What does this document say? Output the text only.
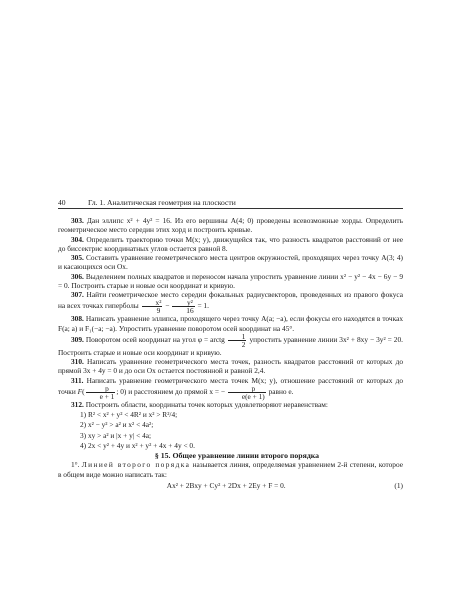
40	Гл. 1. Аналитическая геометрия на плоскости

303. Дан эллипс x² + 4y² = 16. Из его вершины A(4; 0) проведены всевозможные хорды. Определить геометрическое место середин этих хорд и построить кривые.

304. Определить траекторию точки M(x; y), движущейся так, что разность квадратов расстояний от нее до биссектрис координатных углов остается равной 8.

305. Составить уравнение геометрического места центров окружностей, проходящих через точку A(3; 4) и касающихся оси Ox.

306. Выделением полных квадратов и переносом начала упростить уравнение линии x² − y² − 4x − 6y − 9 = 0. Построить старые и новые оси координат и кривую.

307. Найти геометрическое место середин фокальных радиусвекторов, проведенных из правого фокуса на всех точках гиперболы $\frac{\text{x²}}{9} - \frac{\text{y²}}{16} = 1$.

308. Написать уравнение эллипса, проходящего через точку A(a; −a), если фокусы его находятся в точках F(a; a) и F₁(−a; −a). Упростить уравнение поворотом осей координат на 45°.

309. Поворотом осей координат на угол φ = arctg $\frac{1}{2}$ упростить уравнение линии 3x² + 8xy − 3y² = 20. Построить старые и новые оси координат и кривую.

310. Написать уравнение геометрического места точек, разность квадратов расстояний от которых до прямой 3x + 4y = 0 и до оси Ox остается постоянной и равной 2,4.

311. Написать уравнение геометрического места точек M(x; y), отношение расстояний от которых до точки $F( \frac{p}{e + 1}$ ; 0) и расстоянием до прямой x = − $\frac{p}{e(e + 1)}$ равно e.

312. Построить области, координаты точек которых удовлетворяют неравенствам:

1) R² < x² + y² < 4R² и x² > R²/4;
2) x² − y² > a² и x² < 4a²;
3) xy > a² и |x + y| < 4a;
4) 2x < y² + 4y и x² + y² + 4x + 4y < 0.

§ 15. Общее уравнение линии второго порядка

1°. Линией второго порядка называется линия, определяемая уравнением 2-й степени, которое в общем виде можно написать так:

Ax² + 2Bxy + Cy² + 2Dx + 2Ey + F = 0.	(1)
